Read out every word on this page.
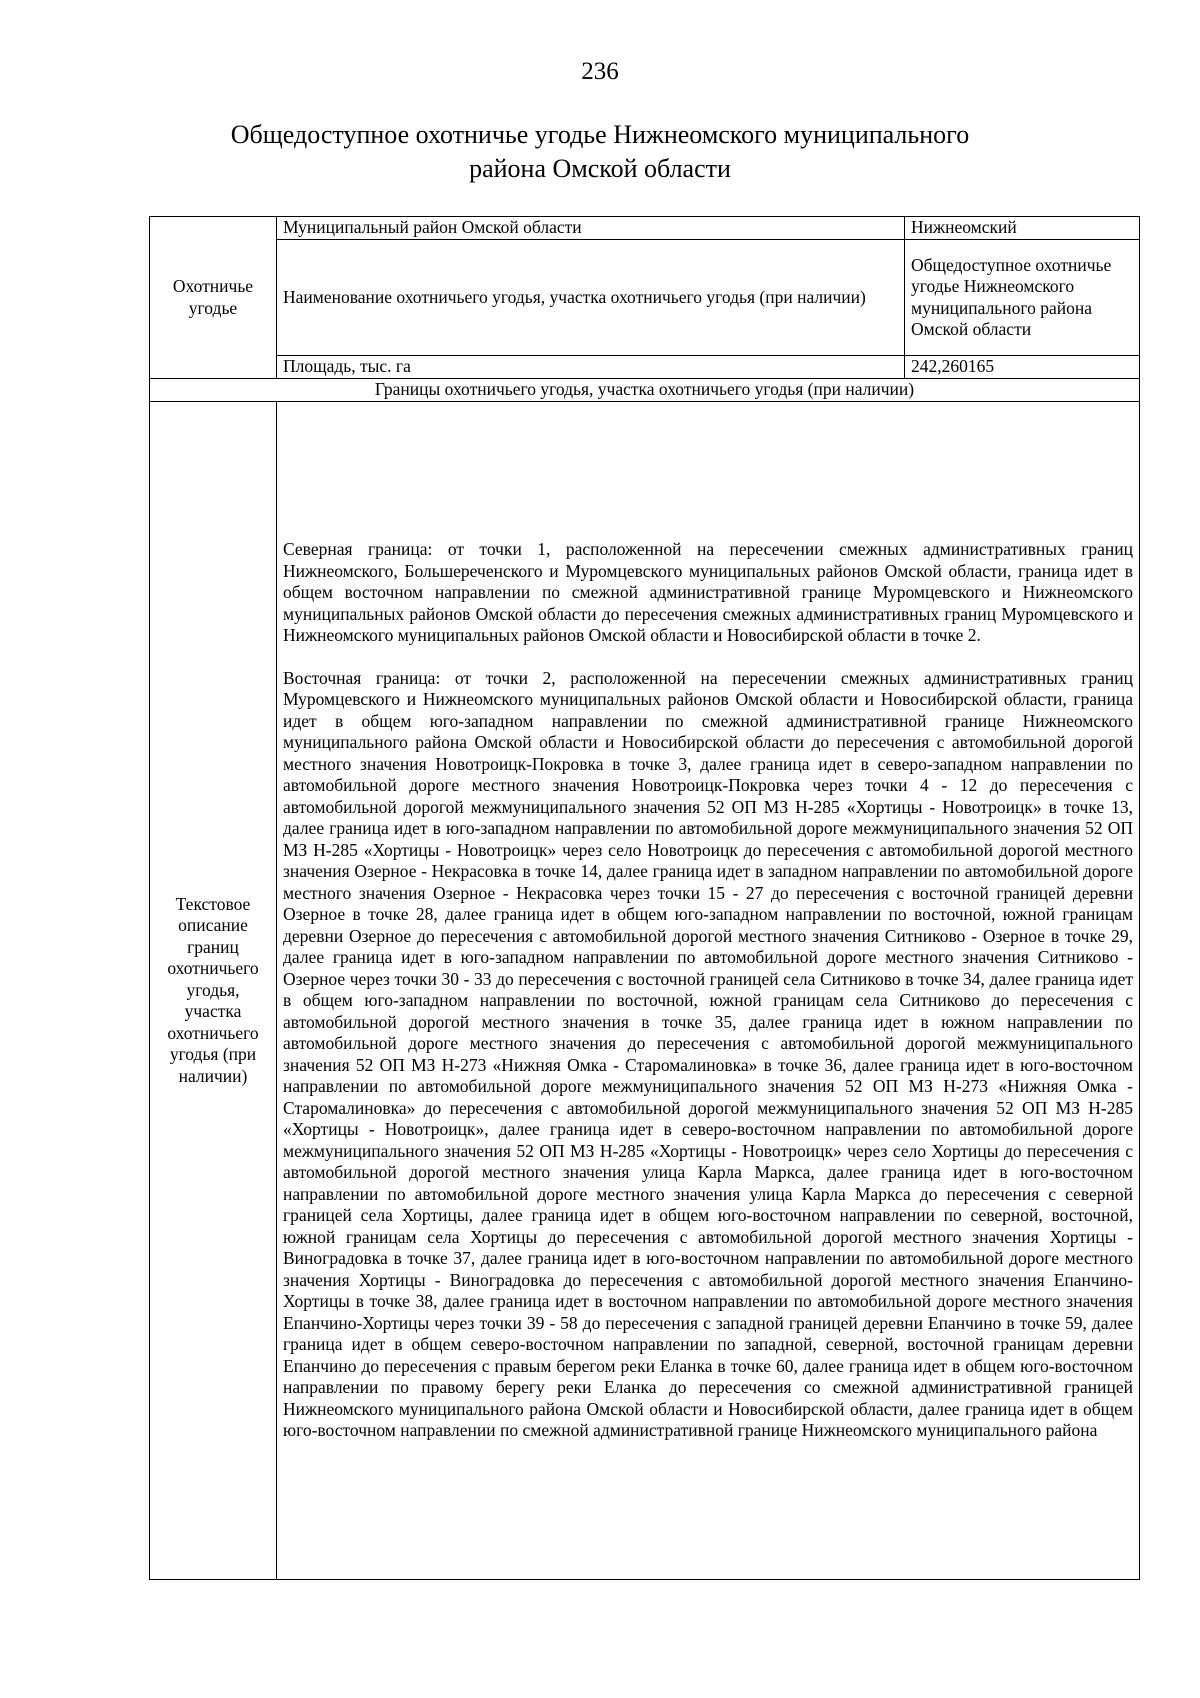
236
Общедоступное охотничье угодье Нижнеомского муниципального
района Омской области
Охотничье угодье	Муниципальный район Омской области	Нижнеомский
	Наименование охотничьего угодья, участка охотничьего угодья (при наличии)	Общедоступное охотничье угодье Нижнеомского муниципального района Омской области
	Площадь, тыс. га	242,260165
Границы охотничьего угодья, участка охотничьего угодья (при наличии)		
Текстовое описание границ охотничьего угодья, участка охотничьего угодья (при наличии)	Северная граница: от точки 1, расположенной на пересечении смежных административных границ Нижнеомского, Большереченского и Муромцевского муниципальных районов Омской области, граница идет в общем восточном направлении по смежной административной границе Муромцевского и Нижнеомского муниципальных районов Омской области до пересечения смежных административных границ Муромцевского и Нижнеомского муниципальных районов Омской области и Новосибирской области в точке 2.

Восточная граница: от точки 2, расположенной на пересечении смежных административных границ Муромцевского и Нижнеомского муниципальных районов Омской области и Новосибирской области, граница идет в общем юго-западном направлении по смежной административной границе Нижнеомского муниципального района Омской области и Новосибирской области до пересечения с автомобильной дорогой местного значения Новотроицк-Покровка в точке 3, далее граница идет в северо-западном направлении по автомобильной дороге местного значения Новотроицк-Покровка через точки 4 - 12 до пересечения с автомобильной дорогой межмуниципального значения 52 ОП МЗ Н-285 «Хортицы - Новотроицк» в точке 13, далее граница идет в юго-западном направлении по автомобильной дороге межмуниципального значения 52 ОП МЗ Н-285 «Хортицы - Новотроицк» через село Новотроицк до пересечения с автомобильной дорогой местного значения Озерное - Некрасовка в точке 14, далее граница идет в западном направлении по автомобильной дороге местного значения Озерное - Некрасовка через точки 15 - 27 до пересечения с восточной границей деревни Озерное в точке 28, далее граница идет в общем юго-западном направлении по восточной, южной границам деревни Озерное до пересечения с автомобильной дорогой местного значения Ситниково - Озерное в точке 29, далее граница идет в юго-западном направлении по автомобильной дороге местного значения Ситниково - Озерное через точки 30 - 33 до пересечения с восточной границей села Ситниково в точке 34, далее граница идет в общем юго-западном направлении по восточной, южной границам села Ситниково до пересечения с автомобильной дорогой местного значения в точке 35, далее граница идет в южном направлении по автомобильной дороге местного значения до пересечения с автомобильной дорогой межмуниципального значения 52 ОП МЗ Н-273 «Нижняя Омка - Старомалиновка» в точке 36, далее граница идет в юго-восточном направлении по автомобильной дороге межмуниципального значения 52 ОП МЗ Н-273 «Нижняя Омка - Старомалиновка» до пересечения с автомобильной дорогой межмуниципального значения 52 ОП МЗ Н-285 «Хортицы - Новотроицк», далее граница идет в северо-восточном направлении по автомобильной дороге межмуниципального значения 52 ОП МЗ Н-285 «Хортицы - Новотроицк» через село Хортицы до пересечения с автомобильной дорогой местного значения улица Карла Маркса, далее граница идет в юго-восточном направлении по автомобильной дороге местного значения улица Карла Маркса до пересечения с северной границей села Хортицы, далее граница идет в общем юго-восточном направлении по северной, восточной, южной границам села Хортицы до пересечения с автомобильной дорогой местного значения Хортицы - Виноградовка в точке 37, далее граница идет в юго-восточном направлении по автомобильной дороге местного значения Хортицы - Виноградовка до пересечения с автомобильной дорогой местного значения Епанчино-Хортицы в точке 38, далее граница идет в восточном направлении по автомобильной дороге местного значения Епанчино-Хортицы через точки 39 - 58 до пересечения с западной границей деревни Епанчино в точке 59, далее граница идет в общем северо-восточном направлении по западной, северной, восточной границам деревни Епанчино до пересечения с правым берегом реки Еланка в точке 60, далее граница идет в общем юго-восточном направлении по правому берегу реки Еланка до пересечения со смежной административной границей Нижнеомского муниципального района Омской области и Новосибирской области, далее граница идет в общем юго-восточном направлении по смежной административной границе Нижнеомского муниципального района	
